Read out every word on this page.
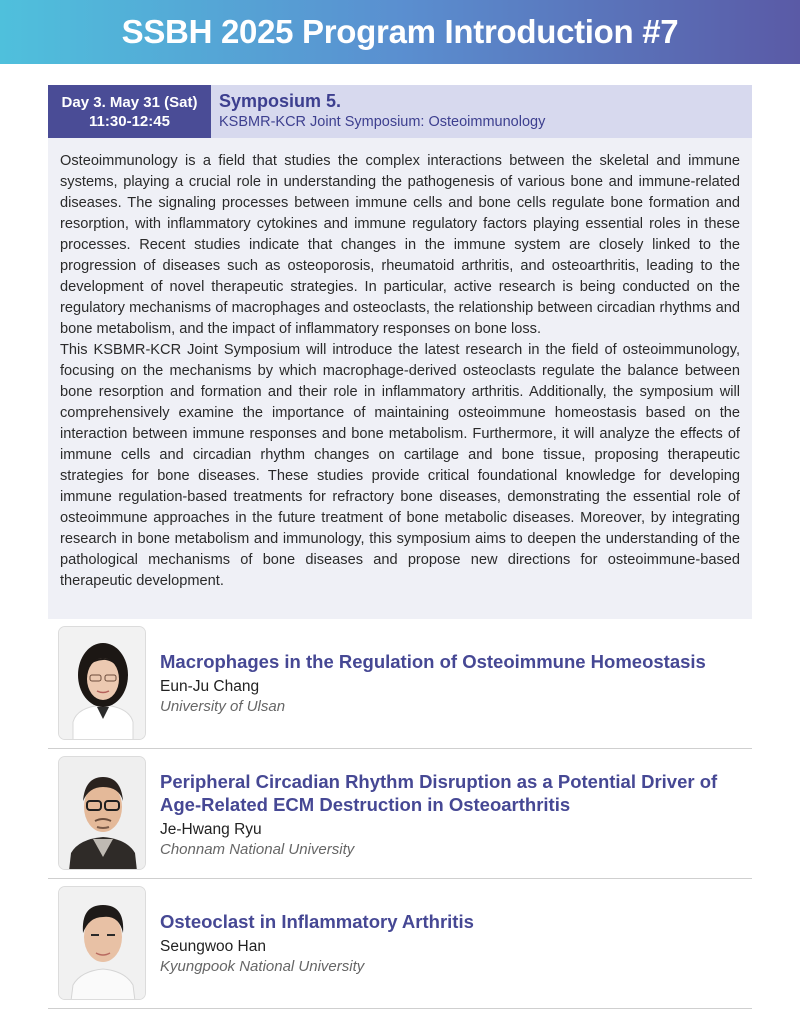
SSBH 2025 Program Introduction #7
Day 3. May 31 (Sat)
11:30-12:45
Symposium 5.
KSBMR-KCR Joint Symposium: Osteoimmunology

Osteoimmunology is a field that studies the complex interactions between the skeletal and immune systems, playing a crucial role in understanding the pathogenesis of various bone and immune-related diseases. The signaling processes between immune cells and bone cells regulate bone formation and resorption, with inflammatory cytokines and immune regulatory factors playing essential roles in these processes. Recent studies indicate that changes in the immune system are closely linked to the progression of diseases such as osteoporosis, rheumatoid arthritis, and osteoarthritis, leading to the development of novel therapeutic strategies. In particular, active research is being conducted on the regulatory mechanisms of macrophages and osteoclasts, the relationship between circadian rhythms and bone metabolism, and the impact of inflammatory responses on bone loss.

This KSBMR-KCR Joint Symposium will introduce the latest research in the field of osteoimmunology, focusing on the mechanisms by which macrophage-derived osteoclasts regulate the balance between bone resorption and formation and their role in inflammatory arthritis. Additionally, the symposium will comprehensively examine the importance of maintaining osteoimmune homeostasis based on the interaction between immune responses and bone metabolism. Furthermore, it will analyze the effects of immune cells and circadian rhythm changes on cartilage and bone tissue, proposing therapeutic strategies for bone diseases. These studies provide critical foundational knowledge for developing immune regulation-based treatments for refractory bone diseases, demonstrating the essential role of osteoimmune approaches in the future treatment of bone metabolic diseases. Moreover, by integrating research in bone metabolism and immunology, this symposium aims to deepen the understanding of the pathological mechanisms of bone diseases and propose new directions for osteoimmune-based therapeutic development.

Macrophages in the Regulation of Osteoimmune Homeostasis
Eun-Ju Chang
University of Ulsan
Peripheral Circadian Rhythm Disruption as a Potential Driver of
Age-Related ECM Destruction in Osteoarthritis
Je-Hwang Ryu
Chonnam National University
Osteoclast in Inflammatory Arthritis
Seungwoo Han
Kyungpook National University
